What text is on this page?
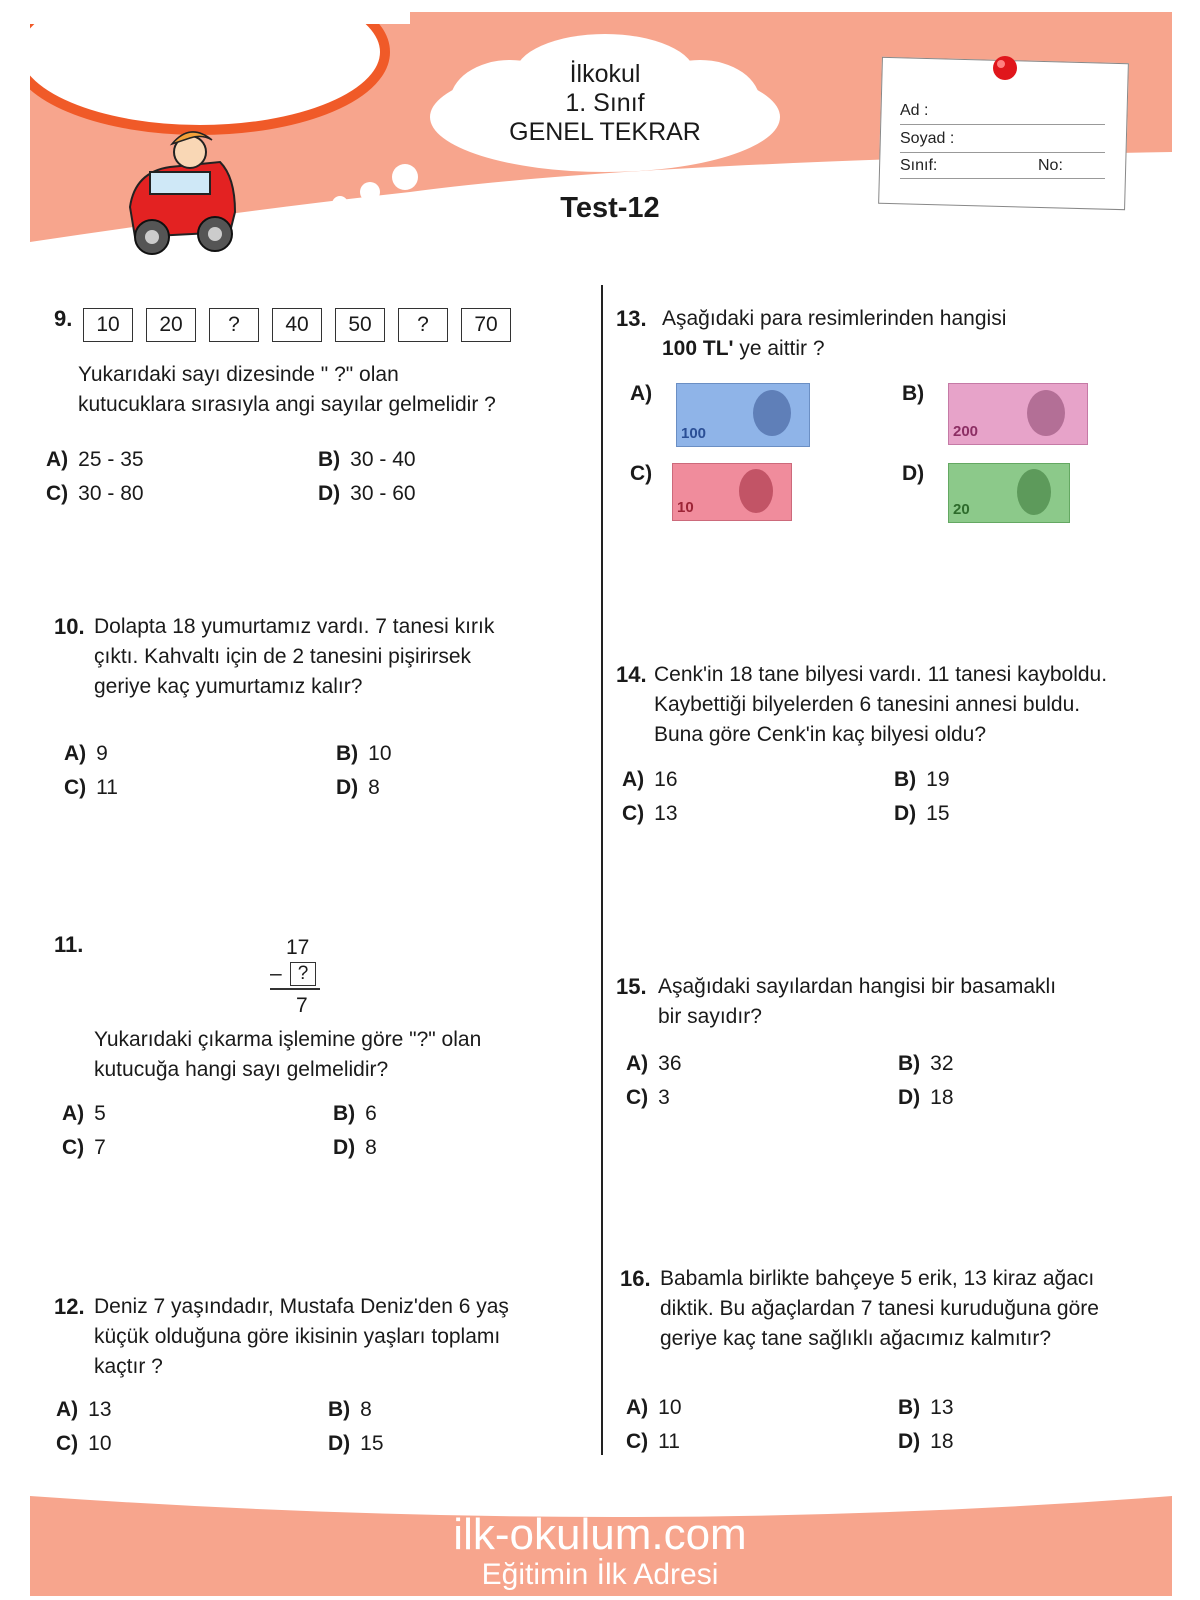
ilk-okulum.com
Eğitimin İlk Adresi	İlkokul
1. Sınıf
GENEL TEKRAR
Test-12
Ad :
Soyad :
Sınıf:	No:
9.	10	20	?	40	50	?	70
Yukarıdaki sayı dizesinde " ?" olan
kutucuklara sırasıyla angi sayılar gelmelidir ?
A) 25 - 35	B) 30 - 40
C) 30 - 80	D) 30 - 60
10. Dolapta 18 yumurtamız vardı. 7 tanesi kırık
çıktı. Kahvaltı için de 2 tanesini pişirirsek
geriye kaç yumurtamız kalır?
A) 9	B) 10
C) 11	D) 8
11.	17
– ?
7
Yukarıdaki çıkarma işlemine göre "?" olan
kutucuğa hangi sayı gelmelidir?
A) 5	B) 6
C) 7	D) 8
12. Deniz 7 yaşındadır, Mustafa Deniz'den 6 yaş
küçük olduğuna göre ikisinin yaşları toplamı
kaçtır ?
A) 13	B) 8
C) 10	D) 15
13. Aşağıdaki para resimlerinden hangisi
100 TL' ye aittir ?
A)
100
B)
200
C)
10
D)
20
14. Cenk'in 18 tane bilyesi vardı. 11 tanesi kayboldu.
Kaybettiği bilyelerden 6 tanesini annesi buldu.
Buna göre Cenk'in kaç bilyesi oldu?
A) 16	B) 19
C) 13	D) 15
15. Aşağıdaki sayılardan hangisi bir basamaklı
bir sayıdır?
A) 36	B) 32
C) 3	D) 18
16. Babamla birlikte bahçeye 5 erik, 13 kiraz ağacı
diktik. Bu ağaçlardan 7 tanesi kuruduğuna göre
geriye kaç tane sağlıklı ağacımız kalmıtır?
A) 10	B) 13
C) 11	D) 18
ilk-okulum.com
Eğitimin İlk Adresi
